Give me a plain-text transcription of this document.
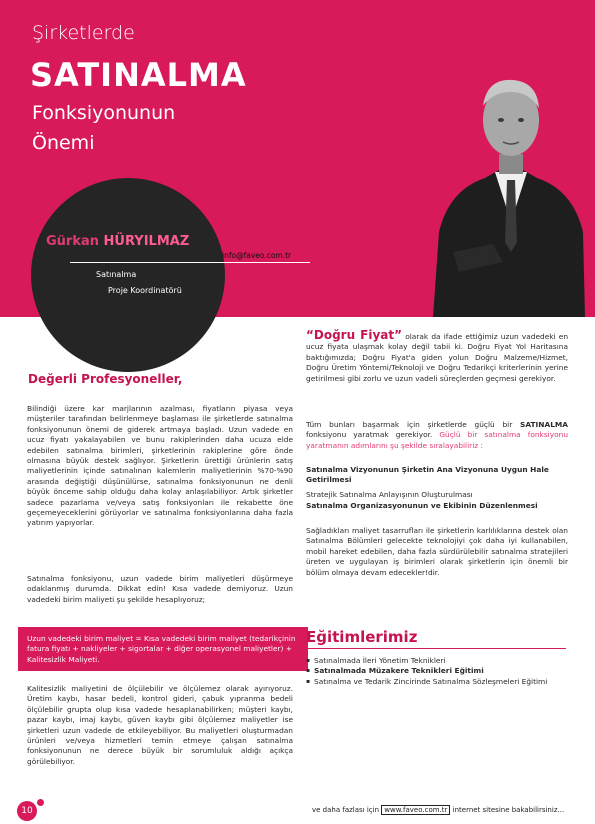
Şirketlerde
SATINALMA
Fonksiyonunun
Önemi
Gürkan HÜRYILMAZ
info@faveo.com.tr
Satınalma
Proje Koordinatörü
Değerli Profesyoneller,

Bilindiği üzere kar marjlarının azalması, fiyatların piyasa veya müşteriler tarafından belirlenmeye başlaması ile şirketlerde satınalma fonksiyonunun önemi de giderek artmaya başladı. Uzun vadede en ucuz fiyatı yakalayabilen ve bunu rakiplerinden daha ucuza elde edebilen satınalma birimleri, şirketlerinin rakiplerine göre önde olmasına büyük destek sağlıyor. Şirketlerin ürettiği ürünlerin satış maliyetlerinin içinde satınalınan kalemlerin maliyetlerinin %70-%90 arasında değiştiği düşünülürse, satınalma fonksiyonunun ne denli büyük önceme sahip olduğu daha kolay anlaşılabiliyor. Artık şirketler sadece pazarlama ve/veya satış fonksiyonları ile rekabette öne geçemeyeceklerini görüyorlar ve satınalma fonksiyonlarına daha fazla yatırım yapıyorlar.

Satınalma fonksiyonu, uzun vadede birim maliyetleri düşürmeye odaklanmış durumda. Dikkat edin! Kısa vadede demiyoruz. Uzun vadedeki birim maliyeti şu şekilde hesaplıyoruz;

Uzun vadedeki birim maliyet = Kısa vadedeki birim maliyet (tedarikçinin fatura fiyatı + nakliyeler + sigortalar + diğer operasyonel maliyetler) + Kalitesizlik Maliyeti.

Kalitesizlik maliyetini de ölçülebilir ve ölçülemez olarak ayırıyoruz. Üretim kaybı, hasar bedeli, kontrol gideri, çabuk yıpranma bedeli ölçülebilir grupta olup kısa vadede hesaplanabilirken; müşteri kaybı, pazar kaybı, imaj kaybı, güven kaybı gibi ölçülemez maliyetler ise şirketleri uzun vadede de etkileyebiliyor. Bu maliyetleri oluşturmadan ürünleri ve/veya hizmetleri temin etmeye çalışan satınalma fonksiyonunun ne derece büyük bir sorumluluk aldığı açıkça görülebiliyor.

“Doğru Fiyat” olarak da ifade ettiğimiz uzun vadedeki en ucuz fiyata ulaşmak kolay değil tabii ki. Doğru Fiyat Yol Haritasına baktığımızda; Doğru Fiyat'a giden yolun Doğru Malzeme/Hizmet, Doğru Üretim Yöntemi/Teknoloji ve Doğru Tedarikçi kriterlerinin yerine getirilmesi gibi zorlu ve uzun vadeli süreçlerden geçmesi gerekiyor.

Tüm bunları başarmak için şirketlerde güçlü bir SATINALMA fonksiyonu yaratmak gerekiyor. Güçlü bir satınalma fonksiyonu yaratmanın adımlarını şu şekilde sıralayabiliriz :

Satınalma Vizyonunun Şirketin Ana Vizyonuna Uygun Hale Getirilmesi
Stratejik Satınalma Anlayışının Oluşturulması
Satınalma Organizasyonunun ve Ekibinin Düzenlenmesi

Sağladıkları maliyet tasarrufları ile şirketlerin karlılıklarına destek olan Satınalma Bölümleri gelecekte teknolojiyi çok daha iyi kullanabilen, mobil hareket edebilen, daha fazla sürdürülebilir satınalma stratejileri üreten ve uygulayan iş birimleri olarak şirketlerin için önemli bir bölüm olmaya devam edecekler!dir.

Eğitimlerimiz
▪ Satınalmada İleri Yönetim Teknikleri
▪ Satınalmada Müzakere Teknikleri Eğitimi
▪ Satınalma ve Tedarik Zincirinde Satınalma Sözleşmeleri Eğitimi
10	ve daha fazlası için www.faveo.com.tr internet sitesine bakabilirsiniz...
